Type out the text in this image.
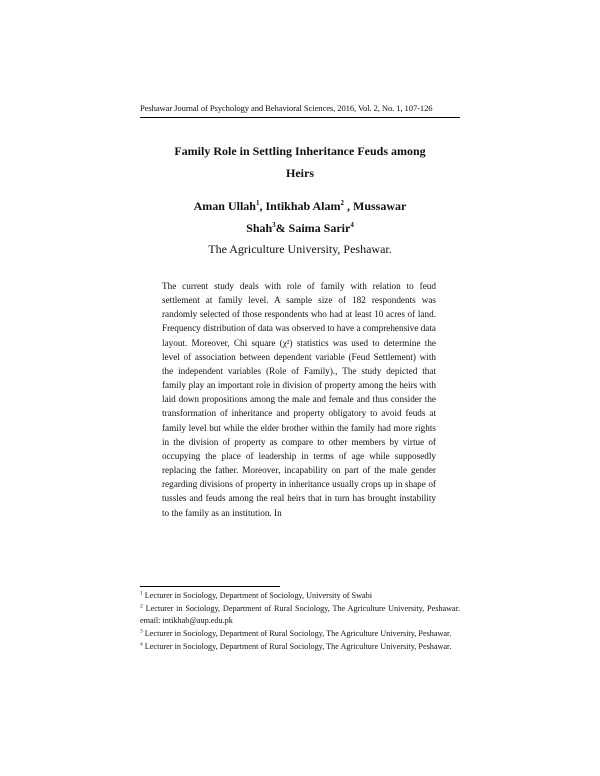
Peshawar Journal of Psychology and Behavioral Sciences, 2016, Vol. 2, No. 1, 107-126
Family Role in Settling Inheritance Feuds among
Heirs
Aman Ullah$^1$, Intikhab Alam$^2$ , Mussawar
Shah$^3$& Saima Sarir$^4$
The Agriculture University, Peshawar.
The current study deals with role of family with relation to feud settlement at family level. A sample size of 182 respondents was randomly selected of those respondents who had at least 10 acres of land. Frequency distribution of data was observed to have a comprehensive data layout. Moreover, Chi square (χ²) statistics was used to determine the level of association between dependent variable (Feud Settlement) with the independent variables (Role of Family)., The study depicted that family play an important role in division of property among the heirs with laid down propositions among the male and female and thus consider the transformation of inheritance and property obligatory to avoid feuds at family level but while the elder brother within the family had more rights in the division of property as compare to other members by virtue of occupying the place of leadership in terms of age while supposedly replacing the father. Moreover, incapability on part of the male gender regarding divisions of property in inheritance usually crops up in shape of tussles and feuds among the real heirs that in turn has brought instability to the family as an institution. In
$^1$ Lecturer in Sociology, Department of Sociology, University of Swabi
$^2$ Lecturer in Sociology, Department of Rural Sociology, The Agriculture University, Peshawar. email: intikhab@aup.edu.pk
$^3$ Lecturer in Sociology, Department of Rural Sociology, The Agriculture University, Peshawar.
$^4$ Lecturer in Sociology, Department of Rural Sociology, The Agriculture University, Peshawar.
